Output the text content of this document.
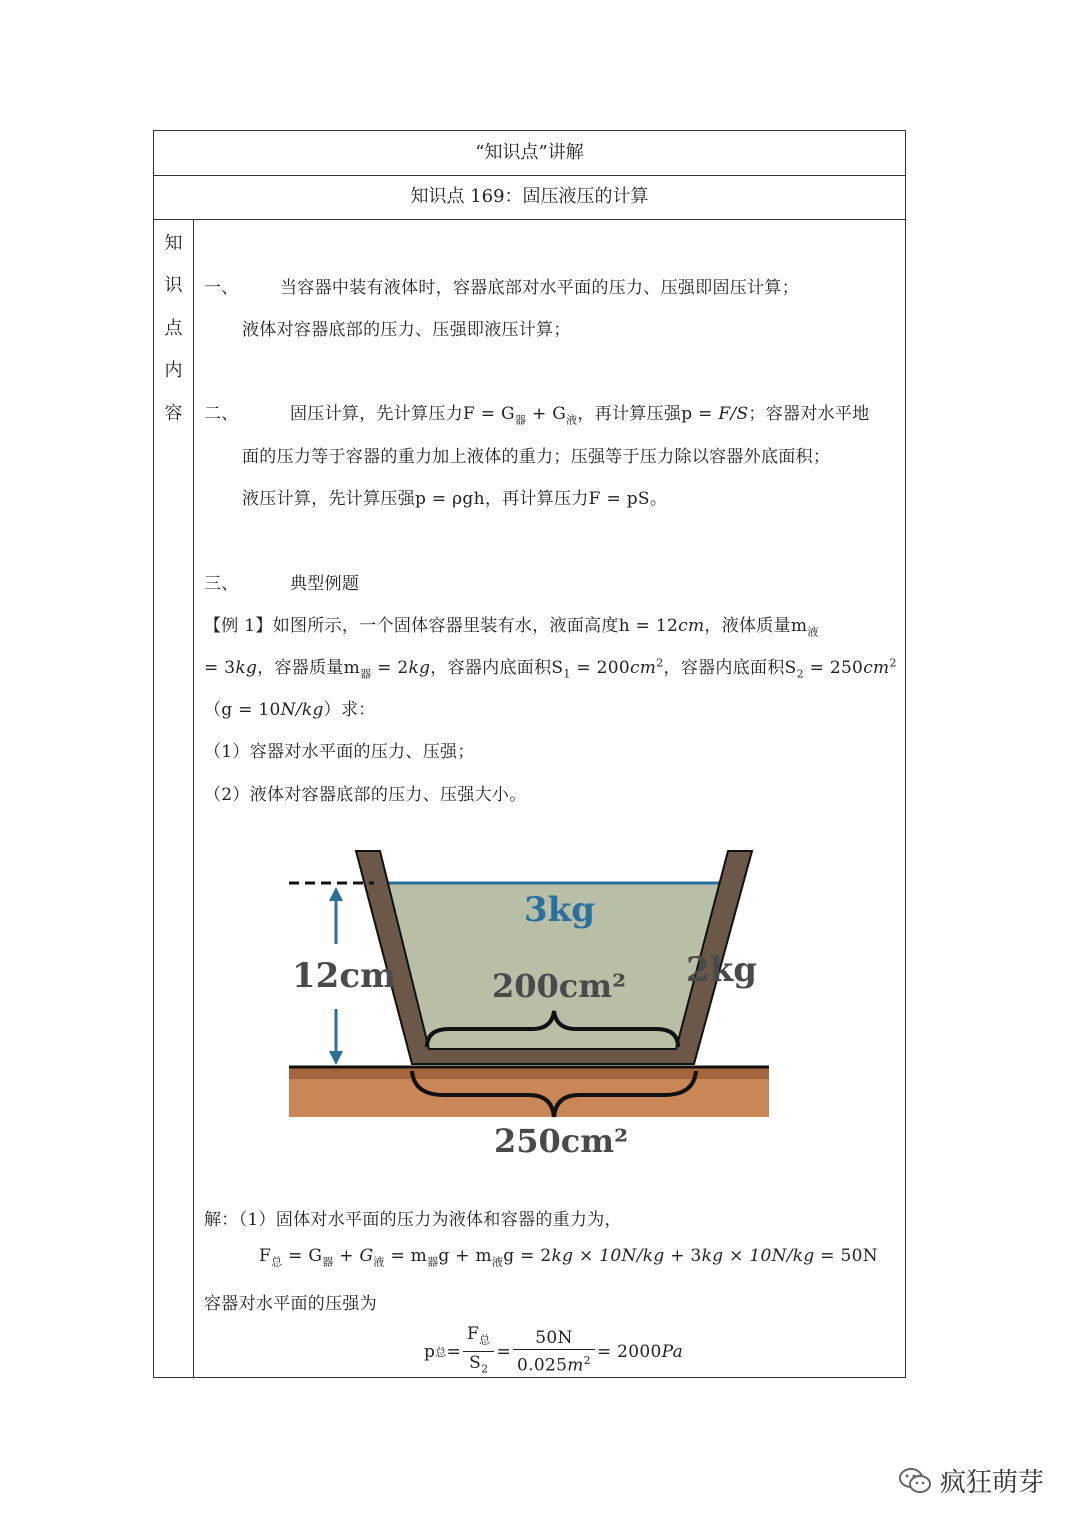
“知识点”讲解
知识点 169：固压液压的计算
知
识
点
内
容
一、 当容器中装有液体时，容器底部对水平面的压力、压强即固压计算；
液体对容器底部的压力、压强即液压计算；
二、	固压计算，先计算压力$F = G_器 + G_液$，再计算压强p = F/S；容器对水平地
面的压力等于容器的重力加上液体的重力；压强等于压力除以容器外底面积；
液压计算，先计算压强p = ρgh，再计算压力F = pS。
三、	典型例题
【例 1】如图所示，一个固体容器里装有水，液面高度h = 12cm，液体质量$m_液$
= 3kg，容器质量$m_器 = 2kg$，容器内底面积$S_1 = 200cm^2$，容器内底面积$S_2 = 250cm^2$
（g = 10N/kg）求：
（1）容器对水平面的压力、压强；
（2）液体对容器底部的压力、压强大小。
12cm
3kg
2kg
200cm²
250cm²
解：（1）固体对水平面的压力为液体和容器的重力为，
$F_总 = G_器 + G_液 = m_器g + m_液g = 2kg \times 10N/kg + 3kg \times 10N/kg = 50N$
容器对水平面的压强为
p 总 = $\frac{F_总}{S_2} = \frac{50N}{0.025m^2} = 2000$ Pa
疯狂萌芽
